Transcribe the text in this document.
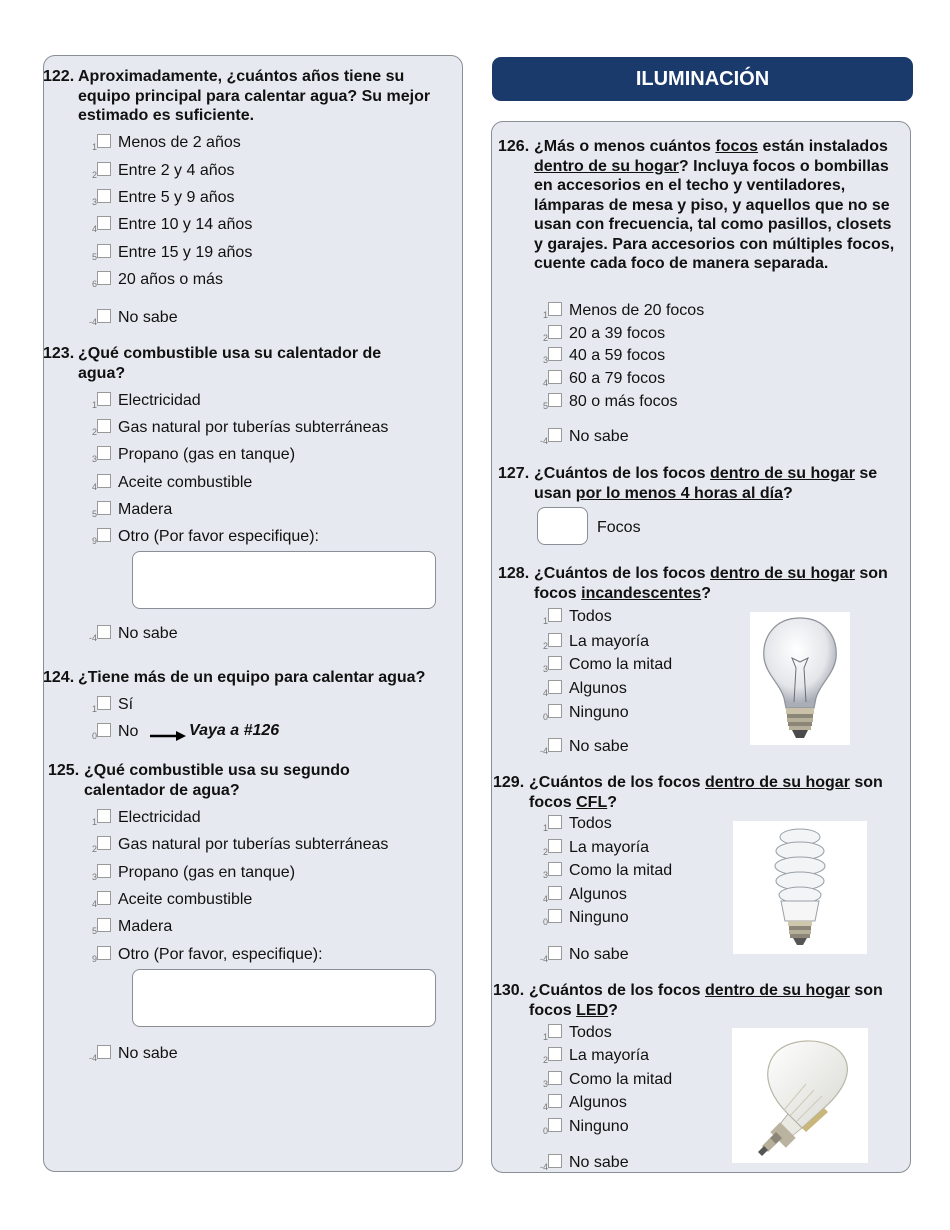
ILUMINACIÓN
122. Aproximadamente, ¿cuántos años tiene su equipo principal para calentar agua? Su mejor estimado es suficiente.
1 Menos de 2 años
2 Entre 2 y 4 años
3 Entre 5 y 9 años
4 Entre 10 y 14 años
5 Entre 15 y 19 años
6 20 años o más
-4 No sabe
123. ¿Qué combustible usa su calentador de agua?
1 Electricidad
2 Gas natural por tuberías subterráneas
3 Propano (gas en tanque)
4 Aceite combustible
5 Madera
9 Otro (Por favor especifique):
-4 No sabe
124. ¿Tiene más de un equipo para calentar agua?
1 Sí
0 No	Vaya a #126
125. ¿Qué combustible usa su segundo calentador de agua?
1 Electricidad
2 Gas natural por tuberías subterráneas
3 Propano (gas en tanque)
4 Aceite combustible
5 Madera
9 Otro (Por favor, especifique):
-4 No sabe
126. ¿Más o menos cuántos focos están instalados dentro de su hogar? Incluya focos o bombillas en accesorios en el techo y ventiladores, lámparas de mesa y piso, y aquellos que no se usan con frecuencia, tal como pasillos, closets y garajes. Para accesorios con múltiples focos, cuente cada foco de manera separada.
1 Menos de 20 focos
2 20 a 39 focos
3 40 a 59 focos
4 60 a 79 focos
5 80 o más focos
-4 No sabe
127. ¿Cuántos de los focos dentro de su hogar se usan por lo menos 4 horas al día?
Focos
128. ¿Cuántos de los focos dentro de su hogar son focos incandescentes?
1 Todos
2 La mayoría
3 Como la mitad
4 Algunos
0 Ninguno
-4 No sabe
129. ¿Cuántos de los focos dentro de su hogar son focos CFL?
1 Todos
2 La mayoría
3 Como la mitad
4 Algunos
0 Ninguno
-4 No sabe
130. ¿Cuántos de los focos dentro de su hogar son focos LED?
1 Todos
2 La mayoría
3 Como la mitad
4 Algunos
0 Ninguno
-4 No sabe
